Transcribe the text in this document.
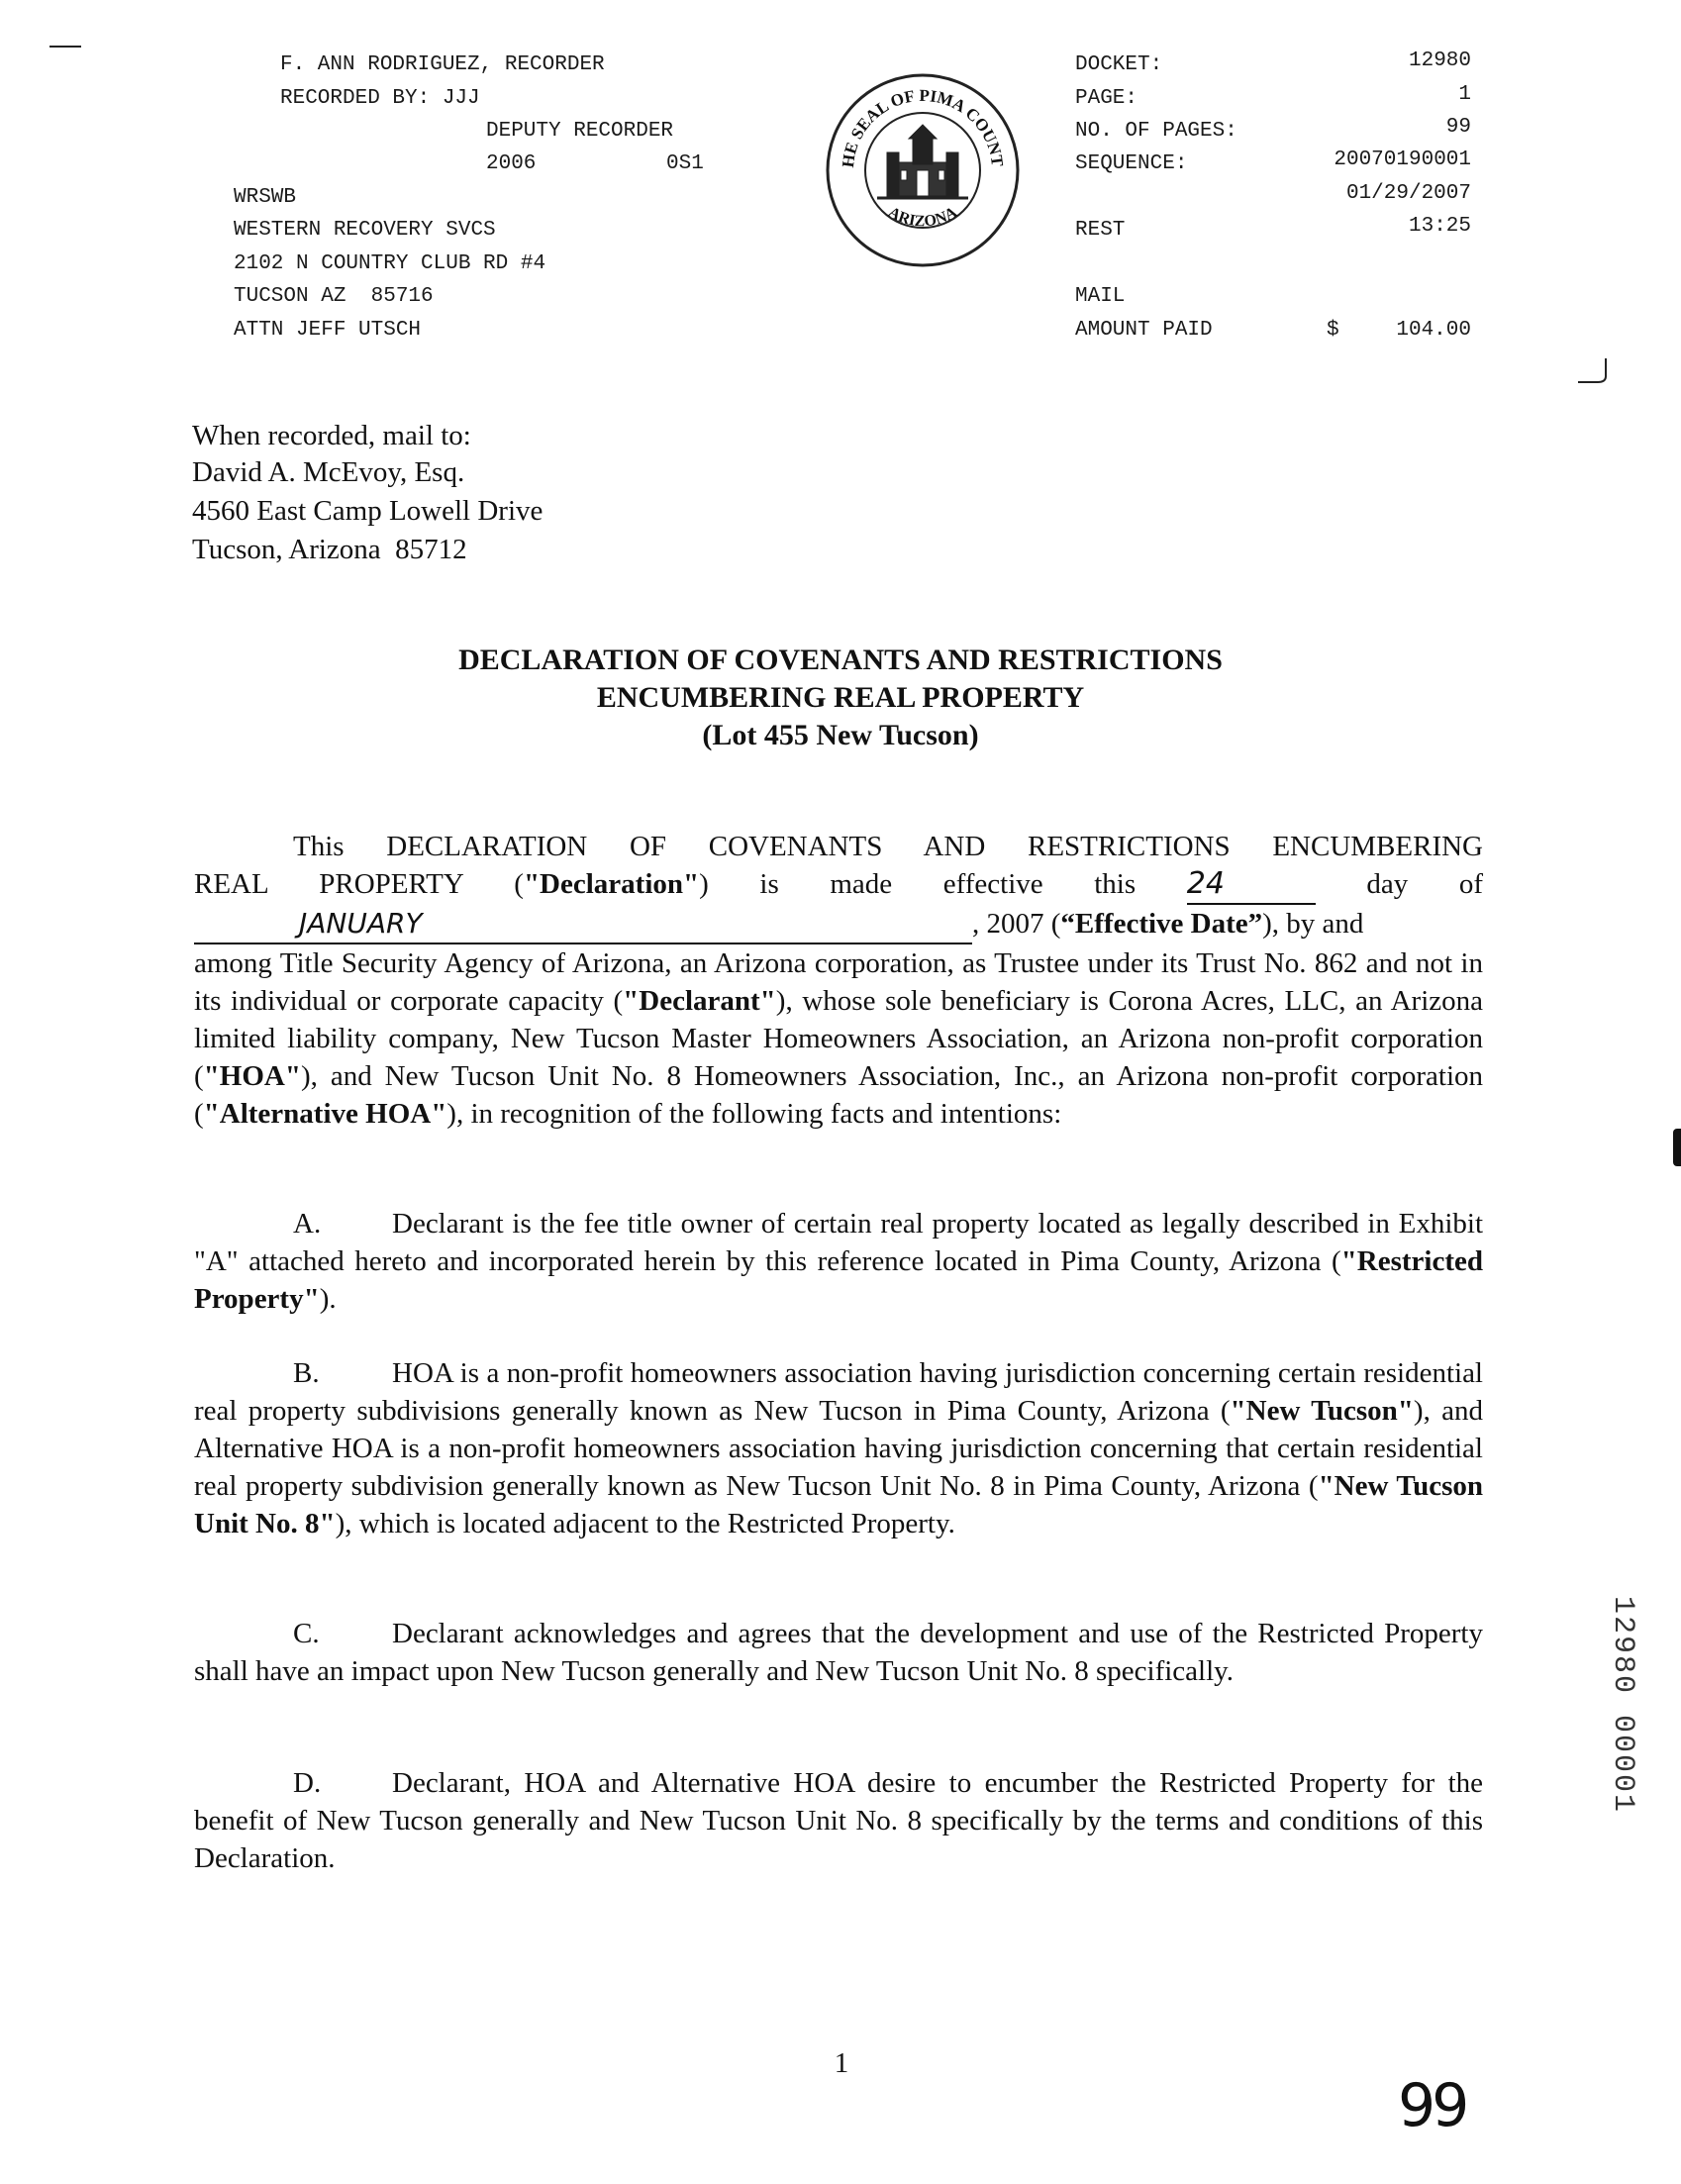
F. ANN RODRIGUEZ, RECORDER
RECORDED BY: JJJ
DEPUTY RECORDER
2006	0S1
WRSWB
WESTERN RECOVERY SVCS
2102 N COUNTRY CLUB RD #4
TUCSON AZ  85716
ATTN JEFF UTSCH
HE SEAL OF PIMA COUNT
ARIZONA
DOCKET:	12980
PAGE:	1
NO. OF PAGES:	99
SEQUENCE:	20070190001
01/29/2007
REST	13:25
MAIL
AMOUNT PAID	$	104.00
When recorded, mail to:
David A. McEvoy, Esq.
4560 East Camp Lowell Drive
Tucson, Arizona  85712
DECLARATION OF COVENANTS AND RESTRICTIONS
ENCUMBERING REAL PROPERTY
(Lot 455 New Tucson)
This DECLARATION OF COVENANTS AND RESTRICTIONS ENCUMBERING
REAL PROPERTY ("Declaration") is made effective this 24	day of
JANUARY	, 2007 (“Effective Date”), by and
among Title Security Agency of Arizona, an Arizona corporation, as Trustee under its Trust No. 862 and not in its individual or corporate capacity ("Declarant"), whose sole beneficiary is Corona Acres, LLC, an Arizona limited liability company, New Tucson Master Homeowners Association, an Arizona non-profit corporation ("HOA"), and New Tucson Unit No. 8 Homeowners Association, Inc., an Arizona non-profit corporation ("Alternative HOA"), in recognition of the following facts and intentions:
A. Declarant is the fee title owner of certain real property located as legally described in Exhibit "A" attached hereto and incorporated herein by this reference located in Pima County, Arizona ("Restricted Property").
B.	HOA is a non-profit homeowners association having jurisdiction concerning certain residential real property subdivisions generally known as New Tucson in Pima County, Arizona ("New Tucson"), and Alternative HOA is a non-profit homeowners association having jurisdiction concerning that certain residential real property subdivision generally known as New Tucson Unit No. 8 in Pima County, Arizona ("New Tucson Unit No. 8"), which is located adjacent to the Restricted Property.
C.	Declarant acknowledges and agrees that the development and use of the Restricted Property shall have an impact upon New Tucson generally and New Tucson Unit No. 8 specifically.
D. Declarant, HOA and Alternative HOA desire to encumber the Restricted Property for the benefit of New Tucson generally and New Tucson Unit No. 8 specifically by the terms and conditions of this Declaration.
12980 00001
1
99
